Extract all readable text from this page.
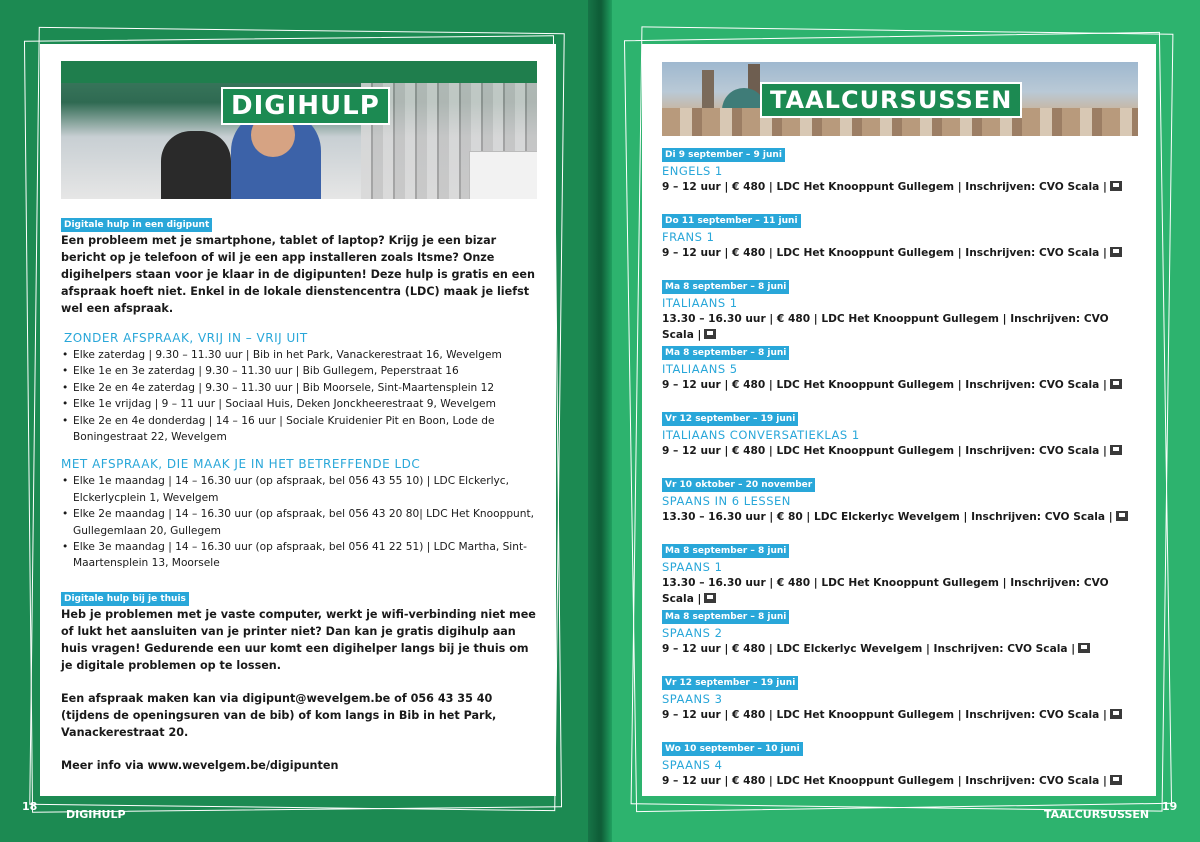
DIGIHULP
Digitale hulp in een digipunt
Een probleem met je smartphone, tablet of laptop? Krijg je een bizar bericht op je telefoon of wil je een app installeren zoals Itsme? Onze digihelpers staan voor je klaar in de digipunten! Deze hulp is gratis en een afspraak hoeft niet. Enkel in de lokale dienstencentra (LDC) maak je liefst wel een afspraak.
ZONDER AFSPRAAK, VRIJ IN – VRIJ UIT
• Elke zaterdag | 9.30 – 11.30 uur | Bib in het Park, Vanackerestraat 16, Wevelgem
• Elke 1e en 3e zaterdag | 9.30 – 11.30 uur | Bib Gullegem, Peperstraat 16
• Elke 2e en 4e zaterdag | 9.30 – 11.30 uur | Bib Moorsele, Sint-Maartensplein 12
• Elke 1e vrijdag | 9 – 11 uur | Sociaal Huis, Deken Jonckheerestraat 9, Wevelgem
• Elke 2e en 4e donderdag | 14 – 16 uur | Sociale Kruidenier Pit en Boon, Lode de Boningestraat 22, Wevelgem
MET AFSPRAAK, DIE MAAK JE IN HET BETREFFENDE LDC
• Elke 1e maandag | 14 – 16.30 uur (op afspraak, bel 056 43 55 10) | LDC Elckerlyc, Elckerlycplein 1, Wevelgem
• Elke 2e maandag | 14 – 16.30 uur (op afspraak, bel 056 43 20 80| LDC Het Knooppunt, Gullegemlaan 20, Gullegem
• Elke 3e maandag | 14 – 16.30 uur (op afspraak, bel 056 41 22 51) | LDC Martha, Sint-Maartensplein 13, Moorsele
Digitale hulp bij je thuis
Heb je problemen met je vaste computer, werkt je wifi-verbinding niet mee of lukt het aansluiten van je printer niet? Dan kan je gratis digihulp aan huis vragen! Gedurende een uur komt een digihelper langs bij je thuis om je digitale problemen op te lossen.
Een afspraak maken kan via digipunt@wevelgem.be of 056 43 35 40 (tijdens de openingsuren van de bib) of kom langs in Bib in het Park, Vanackerestraat 20.
Meer info via www.wevelgem.be/digipunten
18
DIGIHULP
TAALCURSUSSEN
Di 9 september – 9 juni
ENGELS 1
9 – 12 uur | € 480 | LDC Het Knooppunt Gullegem | Inschrijven: CVO Scala |
Do 11 september – 11 juni
FRANS 1
9 – 12 uur | € 480 | LDC Het Knooppunt Gullegem | Inschrijven: CVO Scala |
Ma 8 september – 8 juni
ITALIAANS 1
13.30 – 16.30 uur | € 480 | LDC Het Knooppunt Gullegem | Inschrijven: CVO Scala |
Ma 8 september – 8 juni
ITALIAANS 5
9 – 12 uur | € 480 | LDC Het Knooppunt Gullegem | Inschrijven: CVO Scala |
Vr 12 september – 19 juni
ITALIAANS CONVERSATIEKLAS 1
9 – 12 uur | € 480 | LDC Het Knooppunt Gullegem | Inschrijven: CVO Scala |
Vr 10 oktober – 20 november
SPAANS IN 6 LESSEN
13.30 – 16.30 uur | € 80 | LDC Elckerlyc Wevelgem | Inschrijven: CVO Scala |
Ma 8 september – 8 juni
SPAANS 1
13.30 – 16.30 uur | € 480 | LDC Het Knooppunt Gullegem | Inschrijven: CVO Scala |
Ma 8 september – 8 juni
SPAANS 2
9 – 12 uur | € 480 | LDC Elckerlyc Wevelgem | Inschrijven: CVO Scala |
Vr 12 september – 19 juni
SPAANS 3
9 – 12 uur | € 480 | LDC Het Knooppunt Gullegem | Inschrijven: CVO Scala |
Wo 10 september – 10 juni
SPAANS 4
9 – 12 uur | € 480 | LDC Het Knooppunt Gullegem | Inschrijven: CVO Scala |
TAALCURSUSSEN
19
